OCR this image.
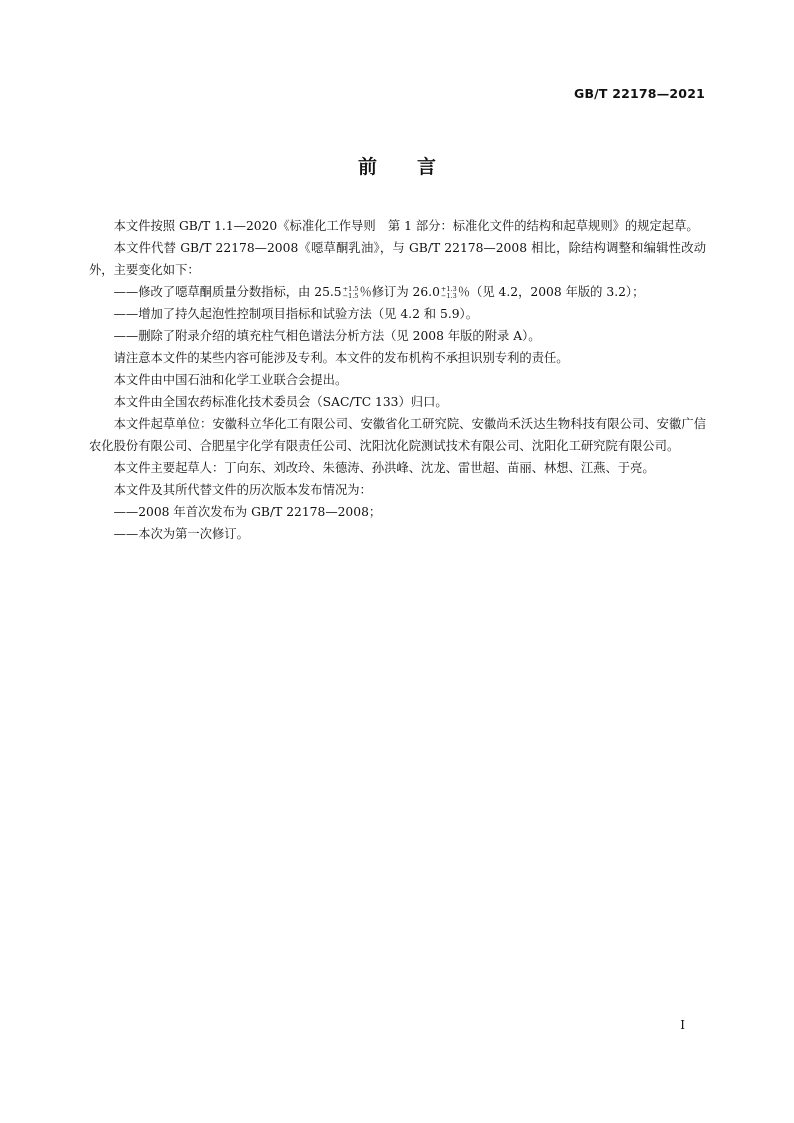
GB/T 22178—2021
前 言

本文件按照 GB/T 1.1—2020《标准化工作导则　第 1 部分：标准化文件的结构和起草规则》的规定起草。

本文件代替 GB/T 22178—2008《噁草酮乳油》，与 GB/T 22178—2008 相比，除结构调整和编辑性改动外，主要变化如下：

——修改了噁草酮质量分数指标，由 25.5 +1.5
−1.5 ％修订为 26.0 +1.3
−1.3 ％（见 4.2，2008 年版的 3.2）；

——增加了持久起泡性控制项目指标和试验方法（见 4.2 和 5.9）。

——删除了附录介绍的填充柱气相色谱法分析方法（见 2008 年版的附录 A）。

请注意本文件的某些内容可能涉及专利。本文件的发布机构不承担识别专利的责任。

本文件由中国石油和化学工业联合会提出。

本文件由全国农药标准化技术委员会（SAC/TC 133）归口。

本文件起草单位：安徽科立华化工有限公司、安徽省化工研究院、安徽尚禾沃达生物科技有限公司、安徽广信农化股份有限公司、合肥星宇化学有限责任公司、沈阳沈化院测试技术有限公司、沈阳化工研究院有限公司。

本文件主要起草人：丁向东、刘改玲、朱德涛、孙洪峰、沈龙、雷世超、苗丽、林想、江燕、于亮。

本文件及其所代替文件的历次版本发布情况为：

——2008 年首次发布为 GB/T 22178—2008；

——本次为第一次修订。

I
